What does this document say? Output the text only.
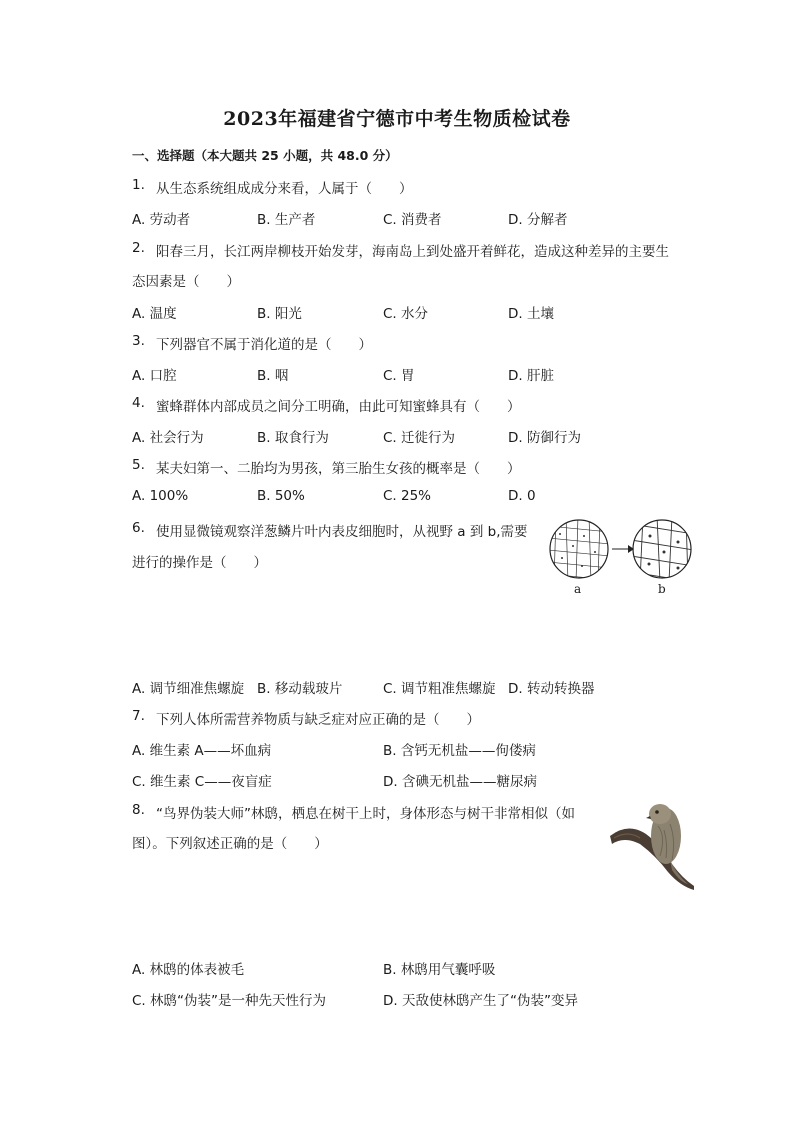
2023年福建省宁德市中考生物质检试卷
一、选择题（本大题共 25 小题，共 48.0 分）
1. 从生态系统组成成分来看，人属于（　　）
A. 劳动者	B. 生产者	C. 消费者	D. 分解者
2. 阳春三月，长江两岸柳枝开始发芽，海南岛上到处盛开着鲜花，造成这种差异的主要生
态因素是（　　）
A. 温度	B. 阳光	C. 水分	D. 土壤
3. 下列器官不属于消化道的是（　　）
A. 口腔	B. 咽	C. 胃	D. 肝脏
4. 蜜蜂群体内部成员之间分工明确，由此可知蜜蜂具有（　　）
A. 社会行为	B. 取食行为	C. 迁徙行为	D. 防御行为
5. 某夫妇第一、二胎均为男孩，第三胎生女孩的概率是（　　）
A. 100%	B. 50%	C. 25%	D. 0
6. 使用显微镜观察洋葱鳞片叶内表皮细胞时，从视野 a 到 b,需要
进行的操作是（　　）
a	b
A. 调节细准焦螺旋 B. 移动载玻片	C. 调节粗准焦螺旋 D. 转动转换器
7. 下列人体所需营养物质与缺乏症对应正确的是（　　）
A. 维生素 A——坏血病	B. 含钙无机盐——佝偻病
C. 维生素 C——夜盲症	D. 含碘无机盐——糖尿病
8. “鸟界伪装大师”林鸱，栖息在树干上时，身体形态与树干非常相似（如
图）。下列叙述正确的是（　　）
A. 林鸱的体表被毛	B. 林鸱用气囊呼吸
C. 林鸱“伪装”是一种先天性行为	D. 天敌使林鸱产生了“伪装”变异
